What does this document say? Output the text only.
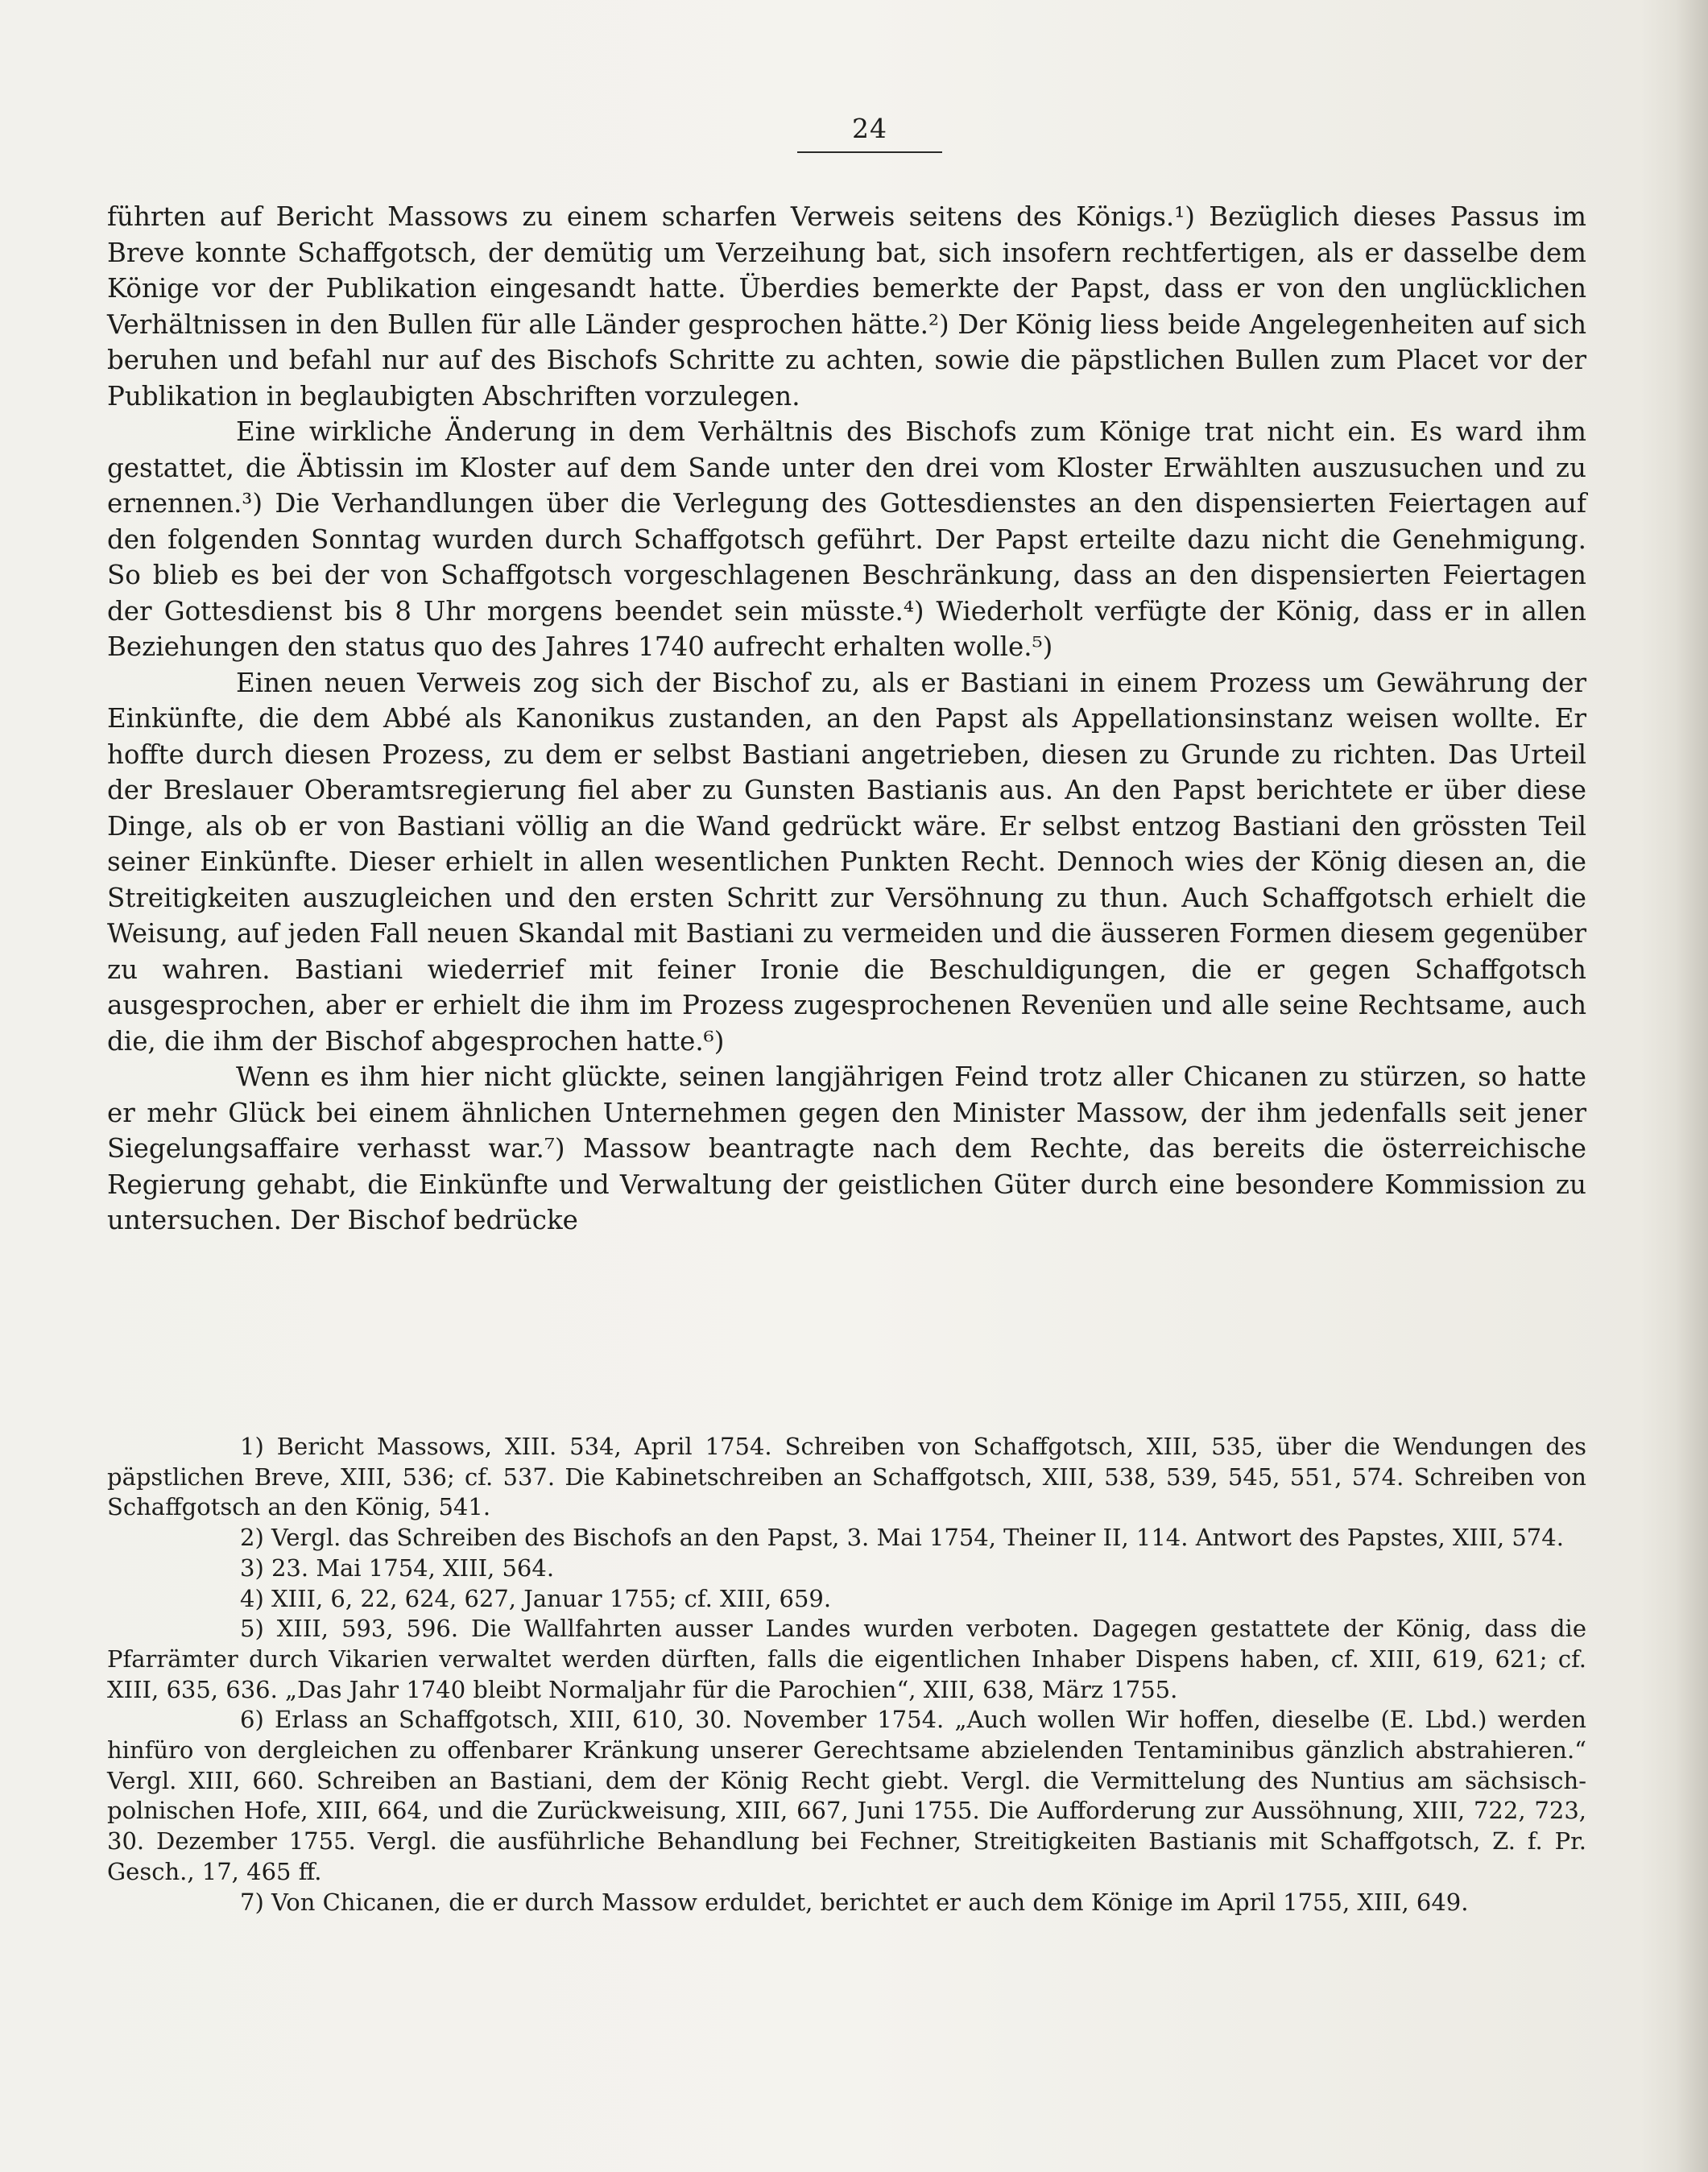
24

führten auf Bericht Massows zu einem scharfen Verweis seitens des Königs.¹) Bezüglich dieses Passus im Breve konnte Schaffgotsch, der demütig um Verzeihung bat, sich insofern rechtfertigen, als er dasselbe dem Könige vor der Publikation eingesandt hatte. Überdies bemerkte der Papst, dass er von den unglücklichen Verhältnissen in den Bullen für alle Länder gesprochen hätte.²) Der König liess beide Angelegenheiten auf sich beruhen und befahl nur auf des Bischofs Schritte zu achten, sowie die päpstlichen Bullen zum Placet vor der Publikation in beglaubigten Abschriften vorzulegen.

Eine wirkliche Änderung in dem Verhältnis des Bischofs zum Könige trat nicht ein. Es ward ihm gestattet, die Äbtissin im Kloster auf dem Sande unter den drei vom Kloster Erwählten auszusuchen und zu ernennen.³) Die Verhandlungen über die Verlegung des Gottesdienstes an den dispensierten Feiertagen auf den folgenden Sonntag wurden durch Schaffgotsch geführt. Der Papst erteilte dazu nicht die Genehmigung. So blieb es bei der von Schaffgotsch vorgeschlagenen Beschränkung, dass an den dispensierten Feiertagen der Gottesdienst bis 8 Uhr morgens beendet sein müsste.⁴) Wiederholt verfügte der König, dass er in allen Beziehungen den status quo des Jahres 1740 aufrecht erhalten wolle.⁵)

Einen neuen Verweis zog sich der Bischof zu, als er Bastiani in einem Prozess um Gewährung der Einkünfte, die dem Abbé als Kanonikus zustanden, an den Papst als Appellationsinstanz weisen wollte. Er hoffte durch diesen Prozess, zu dem er selbst Bastiani angetrieben, diesen zu Grunde zu richten. Das Urteil der Breslauer Oberamtsregierung fiel aber zu Gunsten Bastianis aus. An den Papst berichtete er über diese Dinge, als ob er von Bastiani völlig an die Wand gedrückt wäre. Er selbst entzog Bastiani den grössten Teil seiner Einkünfte. Dieser erhielt in allen wesentlichen Punkten Recht. Dennoch wies der König diesen an, die Streitigkeiten auszugleichen und den ersten Schritt zur Versöhnung zu thun. Auch Schaffgotsch erhielt die Weisung, auf jeden Fall neuen Skandal mit Bastiani zu vermeiden und die äusseren Formen diesem gegenüber zu wahren. Bastiani wiederrief mit feiner Ironie die Beschuldigungen, die er gegen Schaffgotsch ausgesprochen, aber er erhielt die ihm im Prozess zugesprochenen Revenüen und alle seine Rechtsame, auch die, die ihm der Bischof abgesprochen hatte.⁶)

Wenn es ihm hier nicht glückte, seinen langjährigen Feind trotz aller Chicanen zu stürzen, so hatte er mehr Glück bei einem ähnlichen Unternehmen gegen den Minister Massow, der ihm jedenfalls seit jener Siegelungsaffaire verhasst war.⁷) Massow beantragte nach dem Rechte, das bereits die österreichische Regierung gehabt, die Einkünfte und Verwaltung der geistlichen Güter durch eine besondere Kommission zu untersuchen. Der Bischof bedrücke

1) Bericht Massows, XIII. 534, April 1754. Schreiben von Schaffgotsch, XIII, 535, über die Wendungen des päpstlichen Breve, XIII, 536; cf. 537. Die Kabinetschreiben an Schaffgotsch, XIII, 538, 539, 545, 551, 574. Schreiben von Schaffgotsch an den König, 541.

2) Vergl. das Schreiben des Bischofs an den Papst, 3. Mai 1754, Theiner II, 114. Antwort des Papstes, XIII, 574.

3) 23. Mai 1754, XIII, 564.

4) XIII, 6, 22, 624, 627, Januar 1755; cf. XIII, 659.

5) XIII, 593, 596. Die Wallfahrten ausser Landes wurden verboten. Dagegen gestattete der König, dass die Pfarrämter durch Vikarien verwaltet werden dürften, falls die eigentlichen Inhaber Dispens haben, cf. XIII, 619, 621; cf. XIII, 635, 636. „Das Jahr 1740 bleibt Normaljahr für die Parochien“, XIII, 638, März 1755.

6) Erlass an Schaffgotsch, XIII, 610, 30. November 1754. „Auch wollen Wir hoffen, dieselbe (E. Lbd.) werden hinfüro von dergleichen zu offenbarer Kränkung unserer Gerechtsame abzielenden Tentaminibus gänzlich abstrahieren.“ Vergl. XIII, 660. Schreiben an Bastiani, dem der König Recht giebt. Vergl. die Vermittelung des Nuntius am sächsisch-polnischen Hofe, XIII, 664, und die Zurückweisung, XIII, 667, Juni 1755. Die Aufforderung zur Aussöhnung, XIII, 722, 723, 30. Dezember 1755. Vergl. die ausführliche Behandlung bei Fechner, Streitigkeiten Bastianis mit Schaffgotsch, Z. f. Pr. Gesch., 17, 465 ff.

7) Von Chicanen, die er durch Massow erduldet, berichtet er auch dem Könige im April 1755, XIII, 649.
